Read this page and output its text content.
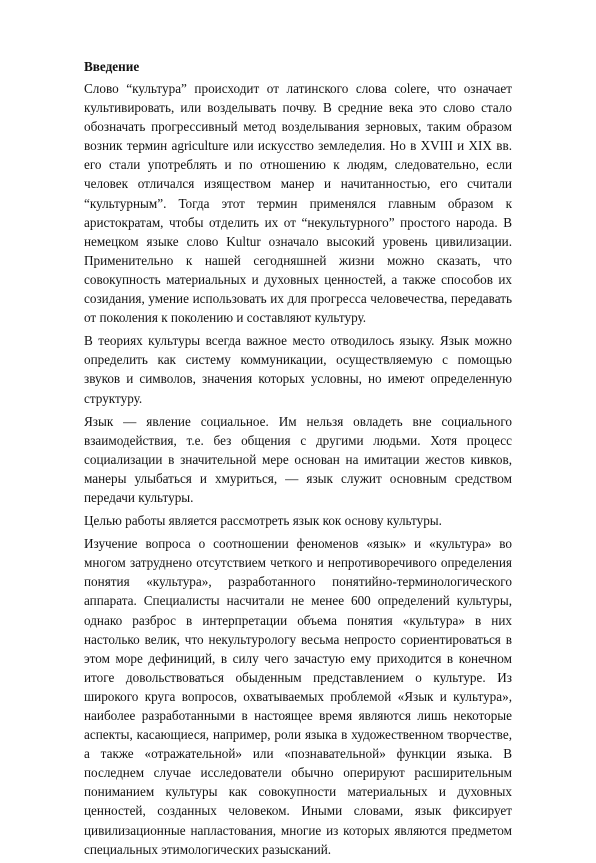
Введение

Слово “культура” происходит от латинского слова colere, что означает культивировать, или возделывать почву. В средние века это слово стало обозначать прогрессивный метод возделывания зерновых, таким образом возник термин agriculture или искусство земледелия. Но в XVIII и XIX вв. его стали употреблять и по отношению к людям, следовательно, если человек отличался изяществом манер и начитанностью, его считали “культурным”. Тогда этот термин применялся главным образом к аристократам, чтобы отделить их от “некультурного” простого народа. В немецком языке слово Kultur означало высокий уровень цивилизации. Применительно к нашей сегодняшней жизни можно сказать, что совокупность материальных и духовных ценностей, а также способов их созидания, умение использовать их для прогресса человечества, передавать от поколения к поколению и составляют культуру.

В теориях культуры всегда важное место отводилось языку. Язык можно определить как систему коммуникации, осуществляемую с помощью звуков и символов, значения которых условны, но имеют определенную структуру.

Язык — явление социальное. Им нельзя овладеть вне социального взаимодействия, т.е. без общения с другими людьми. Хотя процесс социализации в значительной мере основан на имитации жестов кивков, манеры улыбаться и хмуриться, — язык служит основным средством передачи культуры.

Целью работы является рассмотреть язык кок основу культуры.

Изучение вопроса о соотношении феноменов «язык» и «культура» во многом затруднено отсутствием четкого и непротиворечивого определения понятия «культура», разработанного понятийно-терминологического аппарата. Специалисты насчитали не менее 600 определений культуры, однако разброс в интерпретации объема понятия «культура» в них настолько велик, что некультурологу весьма непросто сориентироваться в этом море дефиниций, в силу чего зачастую ему приходится в конечном итоге довольствоваться обыденным представлением о культуре. Из широкого круга вопросов, охватываемых проблемой «Язык и культура», наиболее разработанными в настоящее время являются лишь некоторые аспекты, касающиеся, например, роли языка в художественном творчестве, а также «отражательной» или «познавательной» функции языка. В последнем случае исследователи обычно оперируют расширительным пониманием культуры как совокупности материальных и духовных ценностей, созданных человеком. Иными словами, язык фиксирует цивилизационные напластования, многие из которых являются предметом специальных этимологических разысканий.
